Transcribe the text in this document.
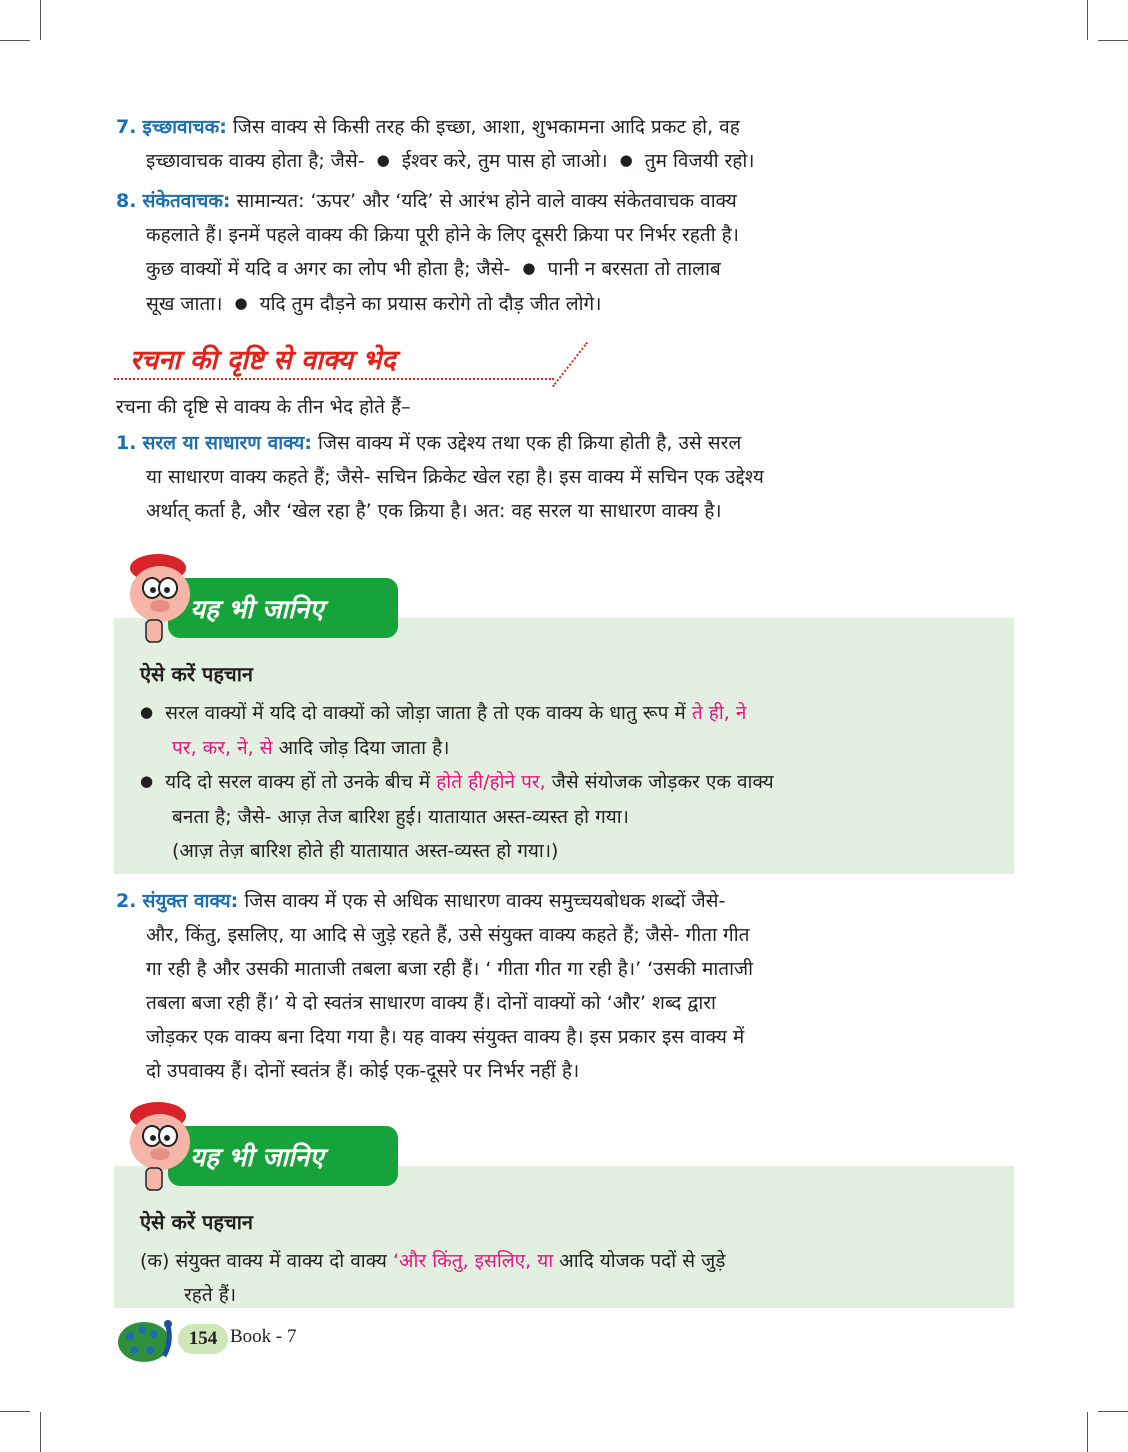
7. इच्छावाचक: जिस वाक्य से किसी तरह की इच्छा, आशा, शुभकामना आदि प्रकट हो, वह
इच्छावाचक वाक्य होता है; जैसे- ● ईश्वर करे, तुम पास हो जाओ। ● तुम विजयी रहो।
8. संकेतवाचक: सामान्यत: ‘ऊपर’ और ‘यदि’ से आरंभ होने वाले वाक्य संकेतवाचक वाक्य
कहलाते हैं। इनमें पहले वाक्य की क्रिया पूरी होने के लिए दूसरी क्रिया पर निर्भर रहती है।
कुछ वाक्यों में यदि व अगर का लोप भी होता है; जैसे- ● पानी न बरसता तो तालाब
सूख जाता। ● यदि तुम दौड़ने का प्रयास करोगे तो दौड़ जीत लोगे।
रचना की दृष्टि से वाक्य भेद
रचना की दृष्टि से वाक्य के तीन भेद होते हैं–
1. सरल या साधारण वाक्य: जिस वाक्य में एक उद्देश्य तथा एक ही क्रिया होती है, उसे सरल
या साधारण वाक्य कहते हैं; जैसे- सचिन क्रिकेट खेल रहा है। इस वाक्य में सचिन एक उद्देश्य
अर्थात् कर्ता है, और ‘खेल रहा है’ एक क्रिया है। अत: वह सरल या साधारण वाक्य है।
यह भी जानिए
ऐसे करें पहचान
● सरल वाक्यों में यदि दो वाक्यों को जोड़ा जाता है तो एक वाक्य के धातु रूप में ते ही, ने
पर, कर, ने, से आदि जोड़ दिया जाता है।
● यदि दो सरल वाक्य हों तो उनके बीच में होते ही/होने पर, जैसे संयोजक जोड़कर एक वाक्य
बनता है; जैसे- आज़ तेज बारिश हुई। यातायात अस्त-व्यस्त हो गया।
(आज़ तेज़ बारिश होते ही यातायात अस्त-व्यस्त हो गया।)
2. संयुक्त वाक्य: जिस वाक्य में एक से अधिक साधारण वाक्य समुच्चयबोधक शब्दों जैसे-
और, किंतु, इसलिए, या आदि से जुड़े रहते हैं, उसे संयुक्त वाक्य कहते हैं; जैसे- गीता गीत
गा रही है और उसकी माताजी तबला बजा रही हैं। ‘ गीता गीत गा रही है।’ ‘उसकी माताजी
तबला बजा रही हैं।’ ये दो स्वतंत्र साधारण वाक्य हैं। दोनों वाक्यों को ‘और’ शब्द द्वारा
जोड़कर एक वाक्य बना दिया गया है। यह वाक्य संयुक्त वाक्य है। इस प्रकार इस वाक्य में
दो उपवाक्य हैं। दोनों स्वतंत्र हैं। कोई एक-दूसरे पर निर्भर नहीं है।
यह भी जानिए
ऐसे करें पहचान
(क) संयुक्त वाक्य में वाक्य दो वाक्य ‘और किंतु, इसलिए, या आदि योजक पदों से जुड़े
रहते हैं।
154 Book - 7
